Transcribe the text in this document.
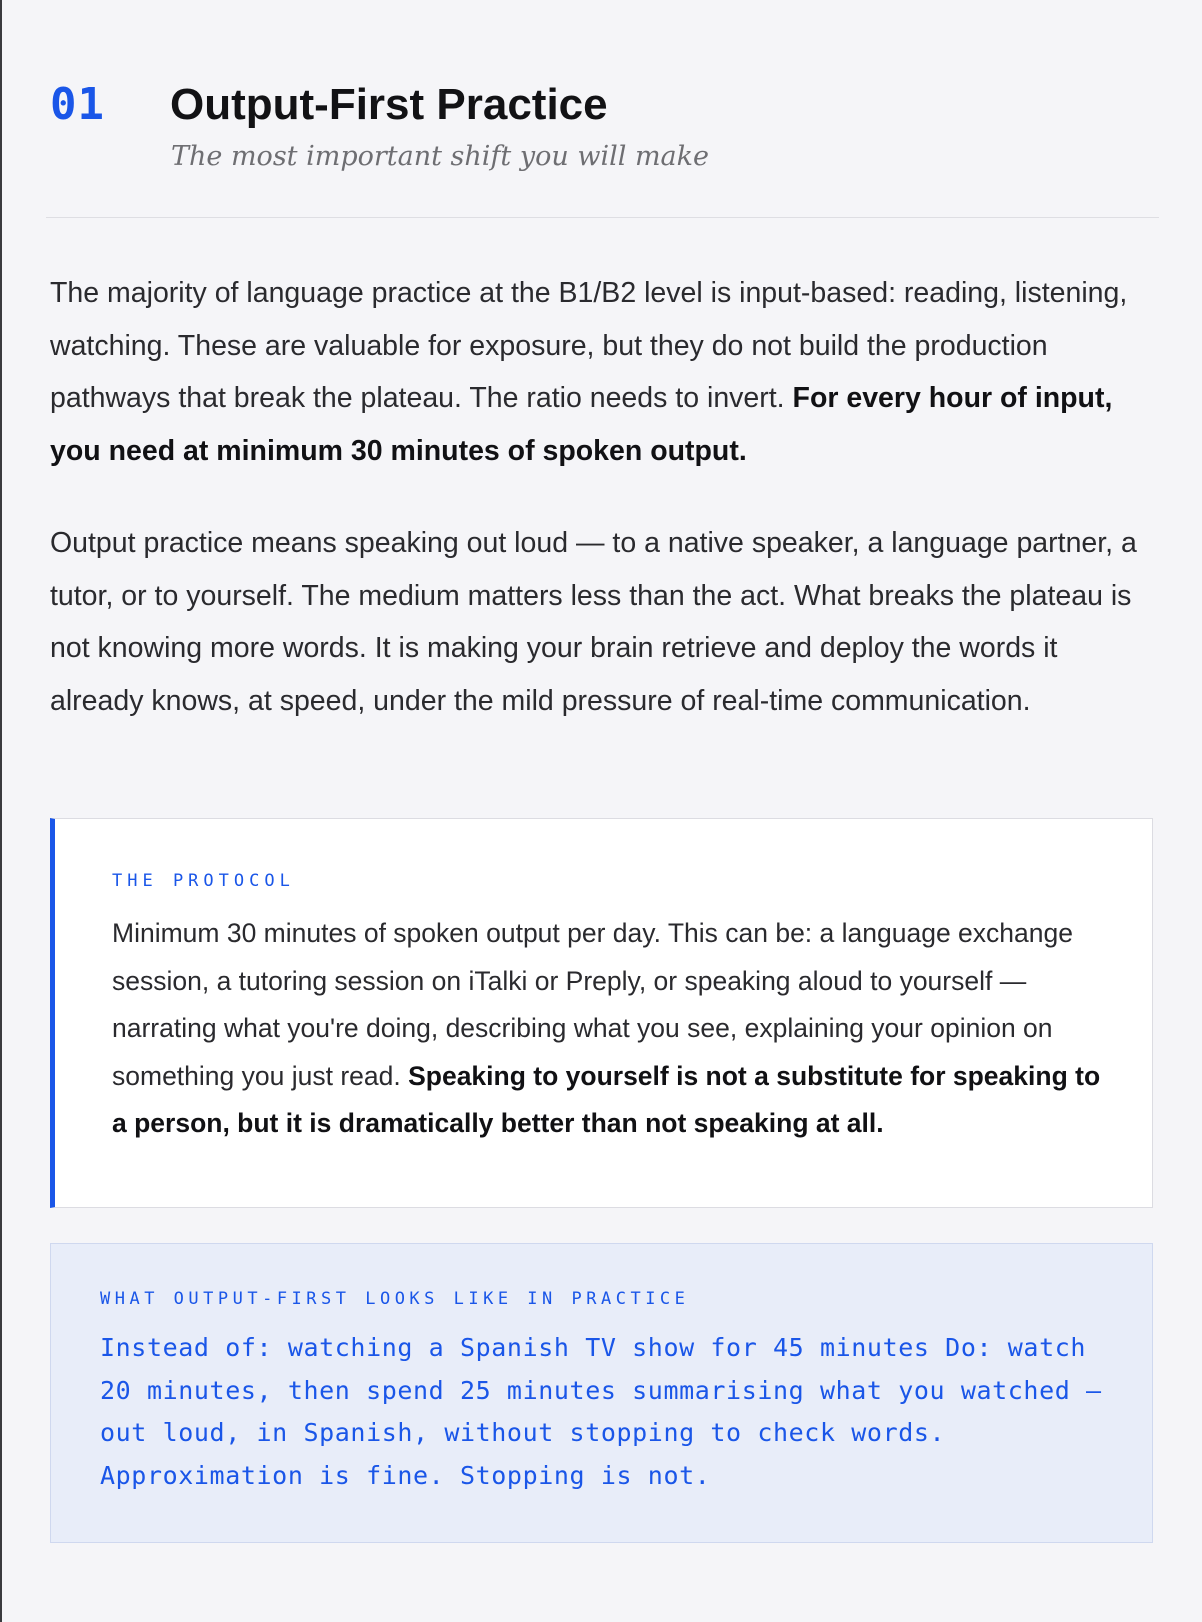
01 Output-First Practice
The most important shift you will make

The majority of language practice at the B1/B2 level is input-based: reading, listening, watching. These are valuable for exposure, but they do not build the production pathways that break the plateau. The ratio needs to invert. For every hour of input, you need at minimum 30 minutes of spoken output.

Output practice means speaking out loud — to a native speaker, a language partner, a tutor, or to yourself. The medium matters less than the act. What breaks the plateau is not knowing more words. It is making your brain retrieve and deploy the words it already knows, at speed, under the mild pressure of real-time communication.

THE PROTOCOL

Minimum 30 minutes of spoken output per day. This can be: a language exchange session, a tutoring session on iTalki or Preply, or speaking aloud to yourself — narrating what you're doing, describing what you see, explaining your opinion on something you just read. Speaking to yourself is not a substitute for speaking to a person, but it is dramatically better than not speaking at all.

WHAT OUTPUT-FIRST LOOKS LIKE IN PRACTICE

Instead of: watching a Spanish TV show for 45 minutes Do: watch 20 minutes, then spend 25 minutes summarising what you watched — out loud, in Spanish, without stopping to check words. Approximation is fine. Stopping is not.
